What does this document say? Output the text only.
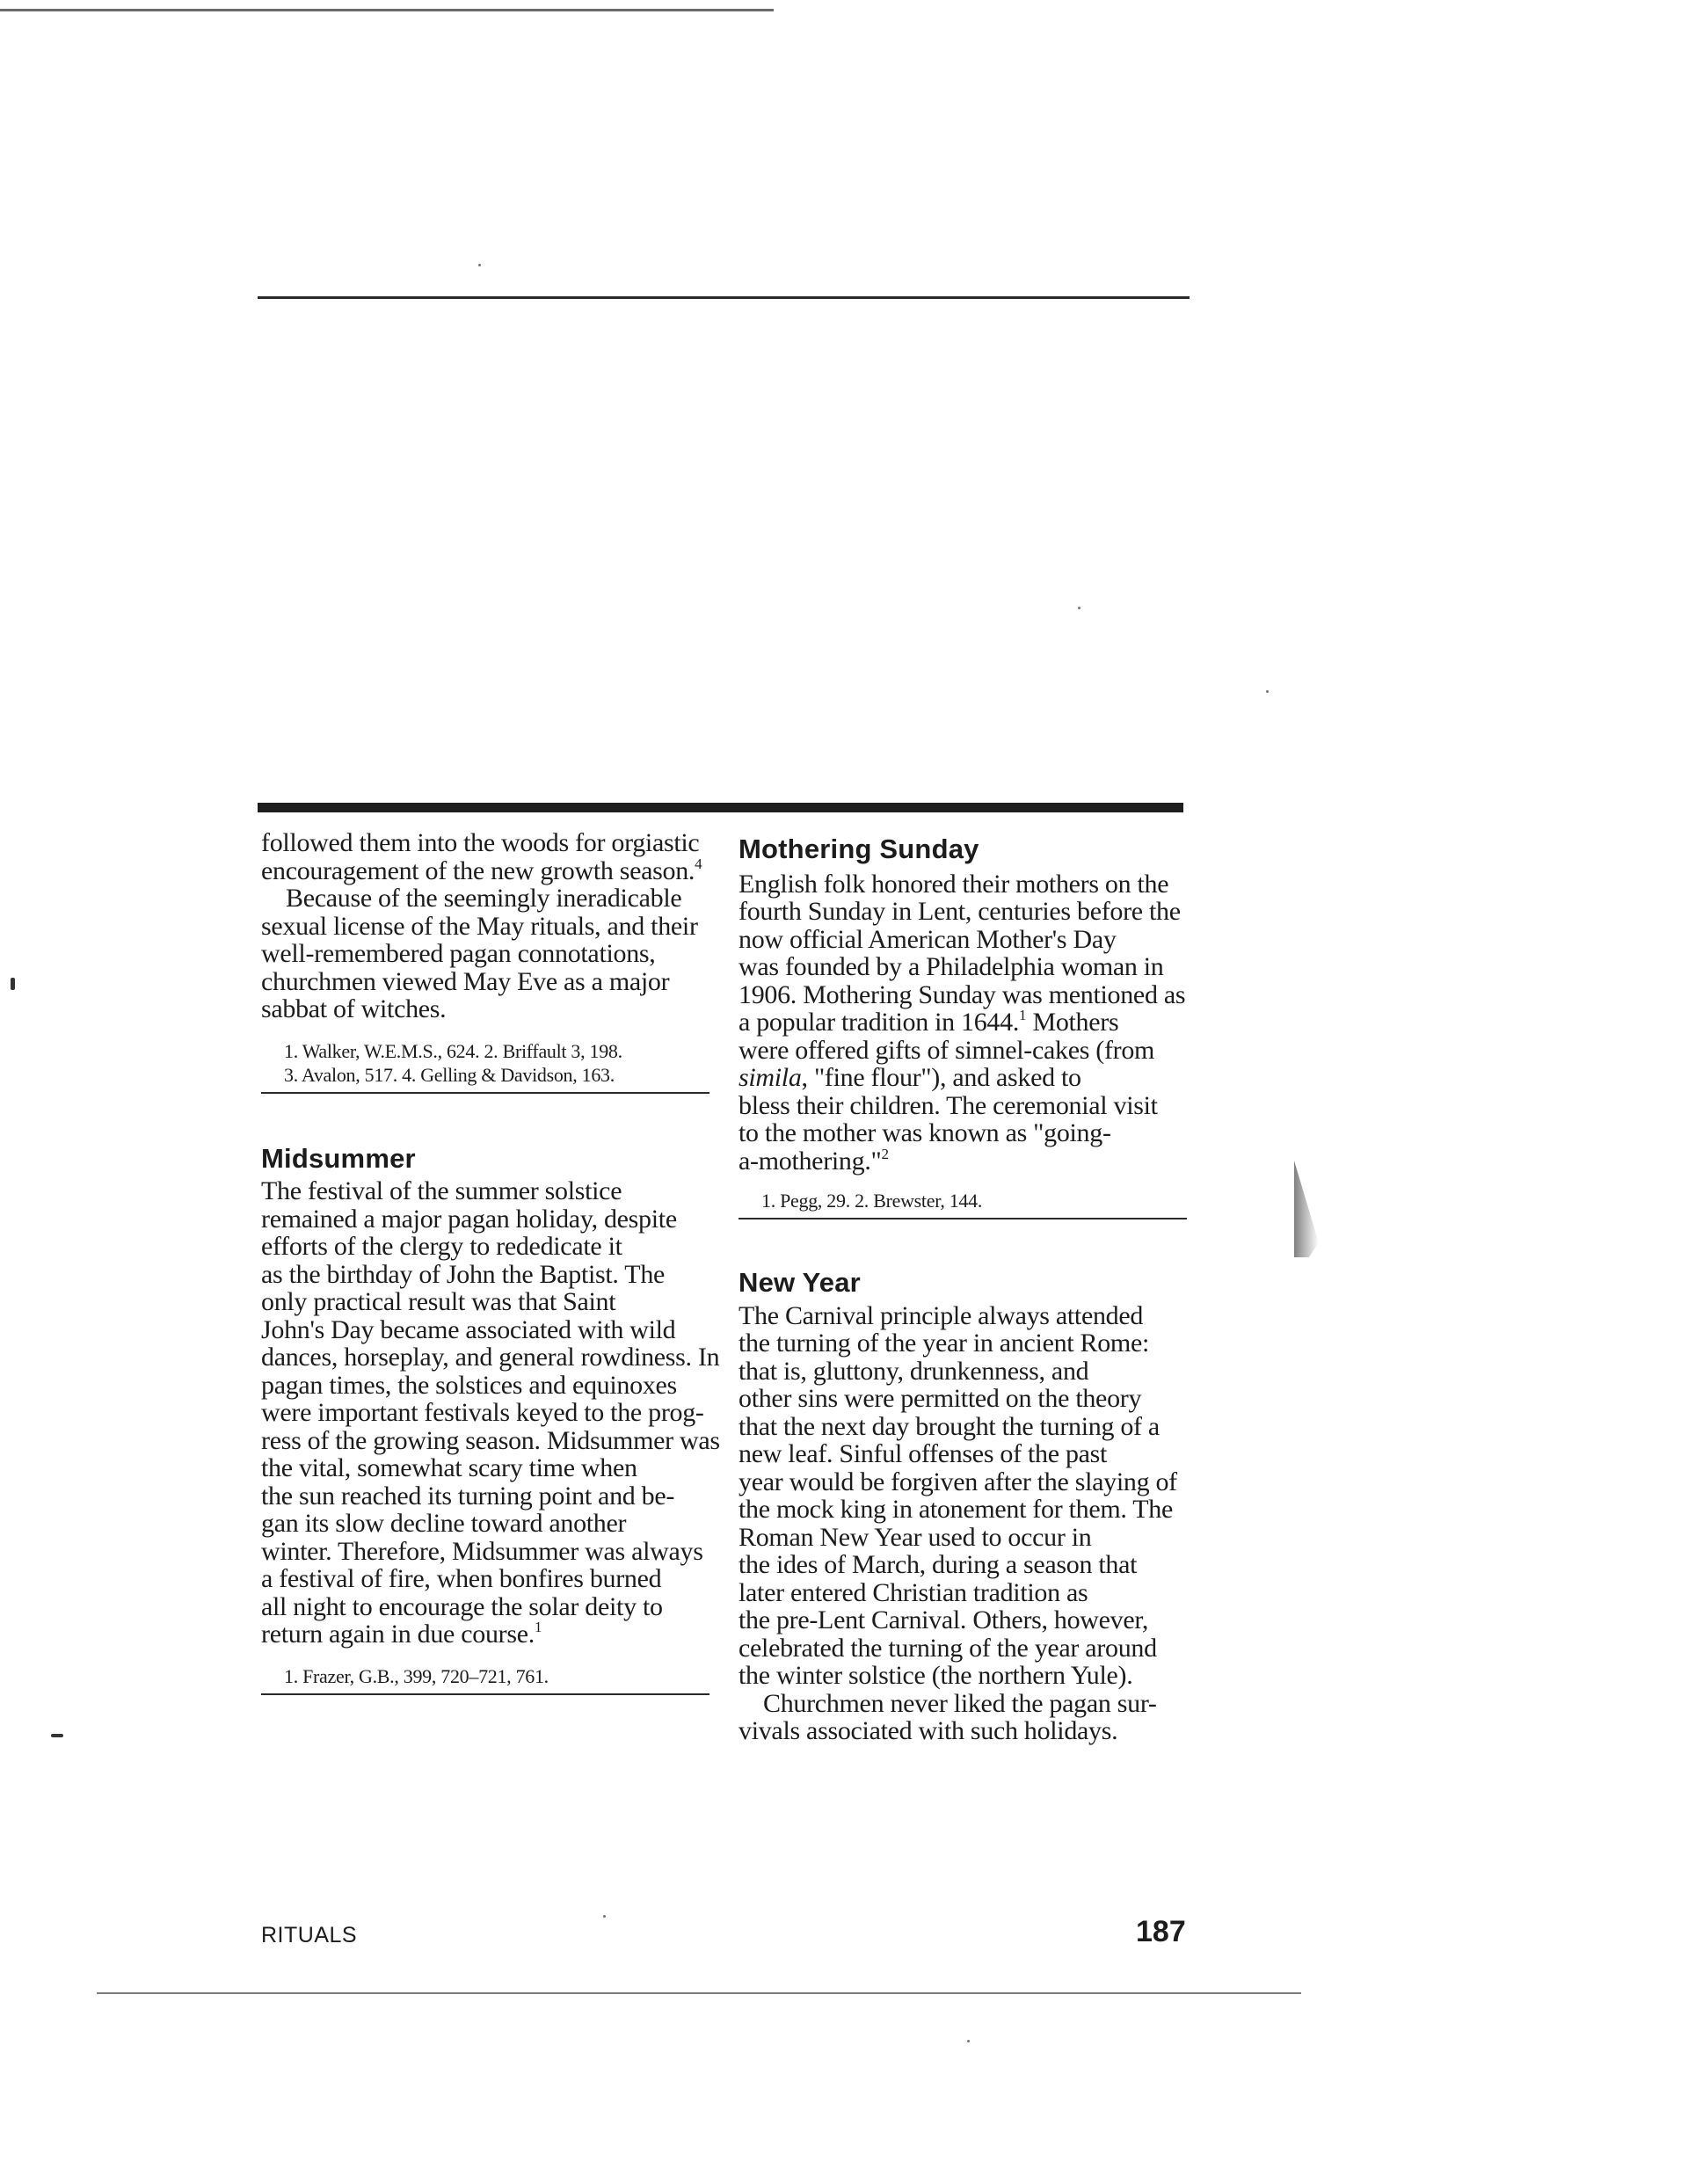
followed them into the woods for orgiastic
encouragement of the new growth season.$^4$
Because of the seemingly ineradicable
sexual license of the May rituals, and their
well-remembered pagan connotations,
churchmen viewed May Eve as a major
sabbat of witches.
1. Walker, W.E.M.S., 624. 2. Briffault 3, 198.
3. Avalon, 517. 4. Gelling & Davidson, 163.
Midsummer
The festival of the summer solstice
remained a major pagan holiday, despite
efforts of the clergy to rededicate it
as the birthday of John the Baptist. The
only practical result was that Saint
John's Day became associated with wild
dances, horseplay, and general rowdiness. In
pagan times, the solstices and equinoxes
were important festivals keyed to the prog-
ress of the growing season. Midsummer was
the vital, somewhat scary time when
the sun reached its turning point and be-
gan its slow decline toward another
winter. Therefore, Midsummer was always
a festival of fire, when bonfires burned
all night to encourage the solar deity to
return again in due course.$^1$
1. Frazer, G.B., 399, 720–721, 761.
Mothering Sunday
English folk honored their mothers on the
fourth Sunday in Lent, centuries before the
now official American Mother's Day
was founded by a Philadelphia woman in
1906. Mothering Sunday was mentioned as
a popular tradition in 1644.$^1$ Mothers
were offered gifts of simnel-cakes (from
simila, "fine flour"), and asked to
bless their children. The ceremonial visit
to the mother was known as "going-
a-mothering."$^2$
1. Pegg, 29. 2. Brewster, 144.
New Year
The Carnival principle always attended
the turning of the year in ancient Rome:
that is, gluttony, drunkenness, and
other sins were permitted on the theory
that the next day brought the turning of a
new leaf. Sinful offenses of the past
year would be forgiven after the slaying of
the mock king in atonement for them. The
Roman New Year used to occur in
the ides of March, during a season that
later entered Christian tradition as
the pre-Lent Carnival. Others, however,
celebrated the turning of the year around
the winter solstice (the northern Yule).
Churchmen never liked the pagan sur-
vivals associated with such holidays.
RITUALS	187
